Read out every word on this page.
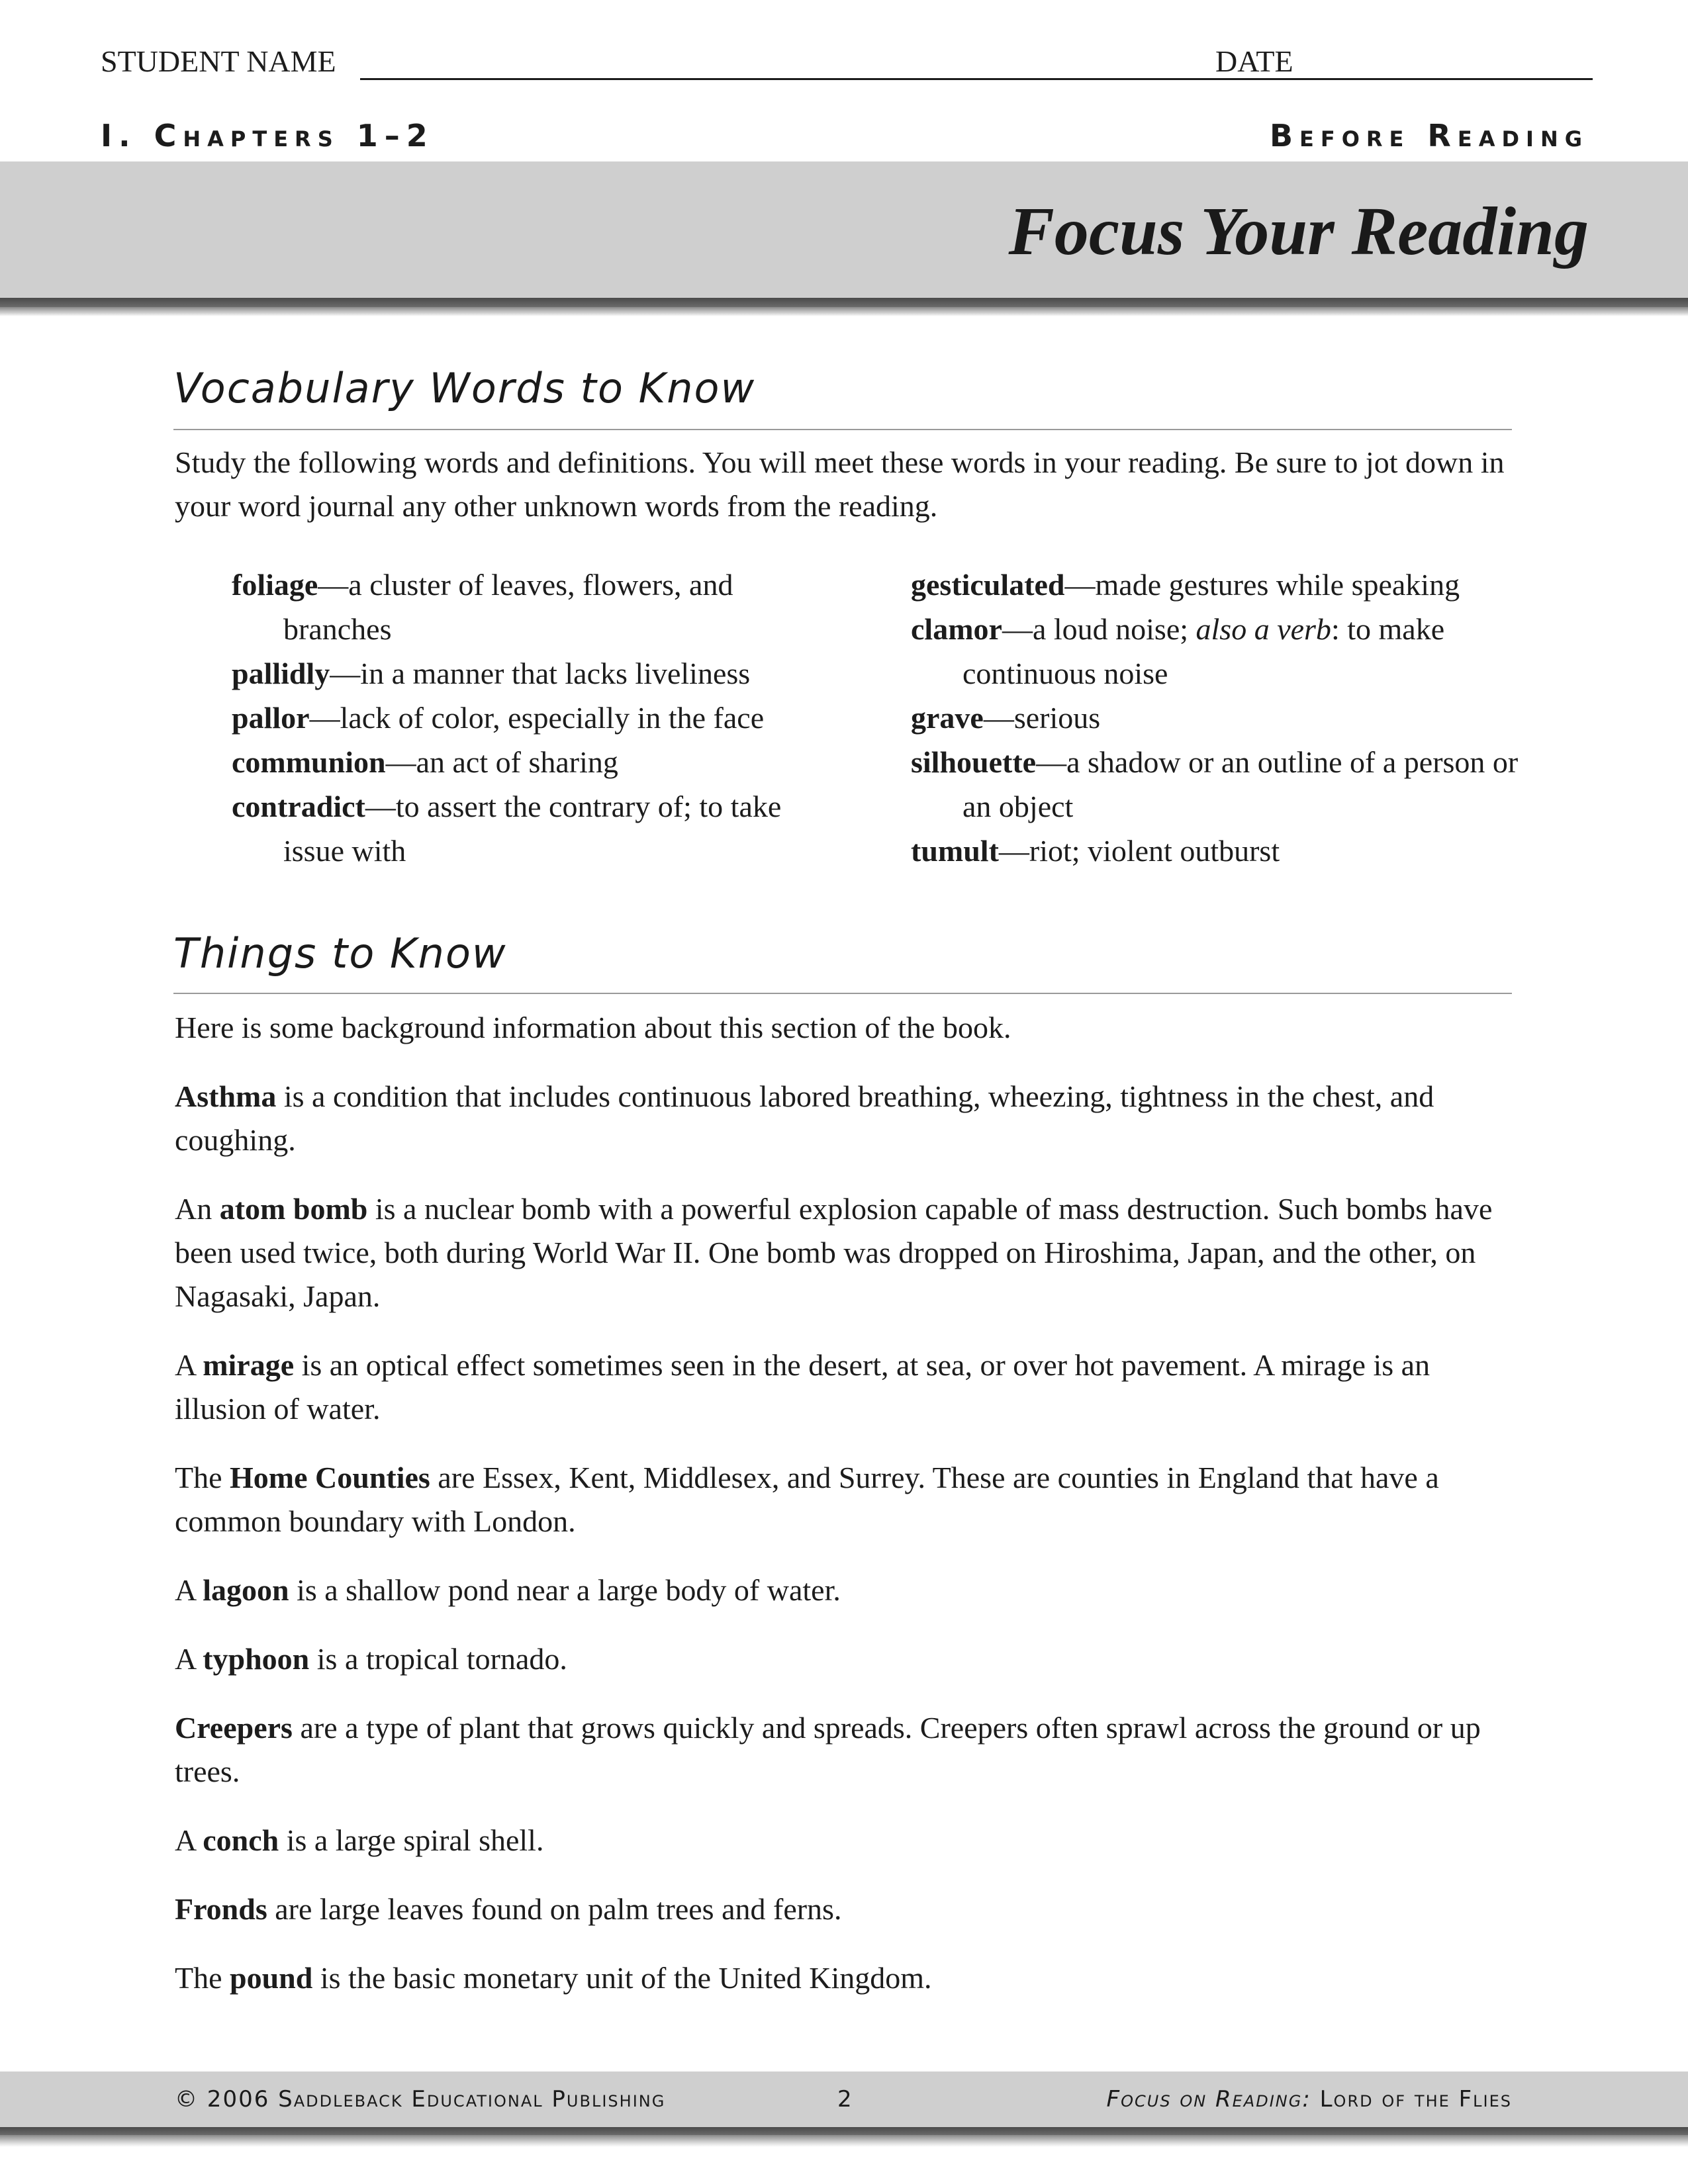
STUDENT NAME	DATE
I. Chapters 1–2	Before Reading
Focus Your Reading
Vocabulary Words to Know
Study the following words and definitions. You will meet these words in your reading. Be sure to jot down in your word journal any other unknown words from the reading.
foliage—a cluster of leaves, flowers, and branches
pallidly—in a manner that lacks liveliness
pallor—lack of color, especially in the face
communion—an act of sharing
contradict—to assert the contrary of; to take issue with
gesticulated—made gestures while speaking
clamor—a loud noise; also a verb: to make continuous noise
grave—serious
silhouette—a shadow or an outline of a person or an object
tumult—riot; violent outburst
Things to Know
Here is some background information about this section of the book.
Asthma is a condition that includes continuous labored breathing, wheezing, tightness in the chest, and coughing.
An atom bomb is a nuclear bomb with a powerful explosion capable of mass destruction. Such bombs have been used twice, both during World War II. One bomb was dropped on Hiroshima, Japan, and the other, on Nagasaki, Japan.
A mirage is an optical effect sometimes seen in the desert, at sea, or over hot pavement. A mirage is an illusion of water.
The Home Counties are Essex, Kent, Middlesex, and Surrey. These are counties in England that have a common boundary with London.
A lagoon is a shallow pond near a large body of water.
A typhoon is a tropical tornado.
Creepers are a type of plant that grows quickly and spreads. Creepers often sprawl across the ground or up trees.
A conch is a large spiral shell.
Fronds are large leaves found on palm trees and ferns.
The pound is the basic monetary unit of the United Kingdom.
© 2006 Saddleback Educational Publishing	2	Focus on Reading: Lord of the Flies
